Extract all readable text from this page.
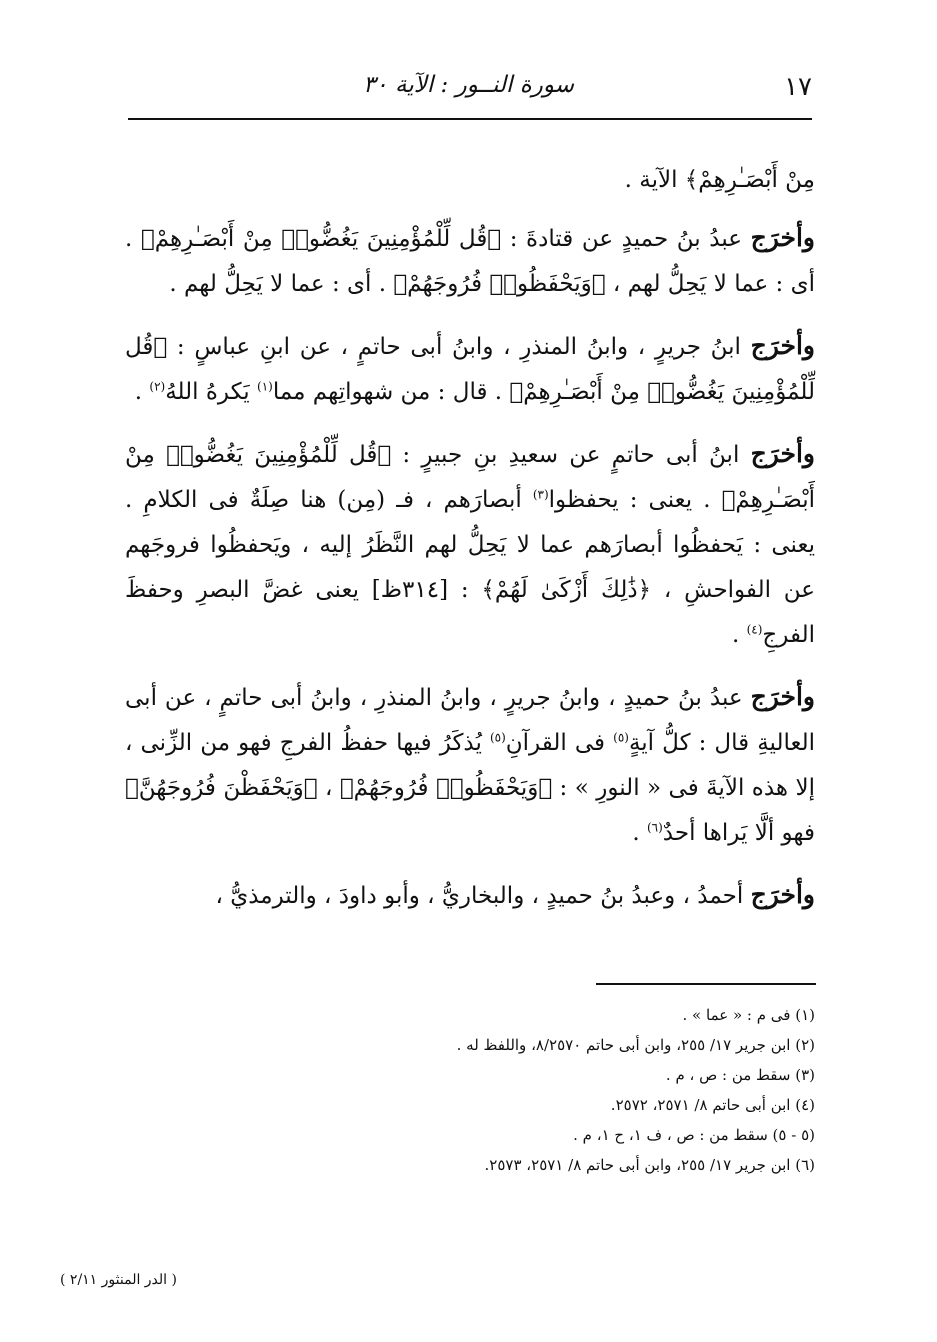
١٧
سورة النــور : الآية ٣٠

مِنْ أَبْصَـٰرِهِمْ﴾ الآية .

وأخرَج عبدُ بنُ حميدٍ عن قتادةَ : ﴿قُل لِّلْمُؤْمِنِينَ يَغُضُّوا۟ مِنْ أَبْصَـٰرِهِمْ﴾ . أى : عما لا يَحِلُّ لهم ، ﴿وَيَحْفَظُوا۟ فُرُوجَهُمْ﴾ . أى : عما لا يَحِلُّ لهم .

وأخرَج ابنُ جريرٍ ، وابنُ المنذرِ ، وابنُ أبى حاتمٍ ، عن ابنِ عباسٍ : ﴿قُل لِّلْمُؤْمِنِينَ يَغُضُّوا۟ مِنْ أَبْصَـٰرِهِمْ﴾ . قال : من شهواتِهم مما$^{(١)}$ يَكرهُ اللهُ$^{(٢)}$ .

وأخرَج ابنُ أبى حاتمٍ عن سعيدِ بنِ جبيرٍ : ﴿قُل لِّلْمُؤْمِنِينَ يَغُضُّوا۟ مِنْ أَبْصَـٰرِهِمْ﴾ . يعنى : يحفظوا$^{(٣)}$ أبصارَهم ، فـ (مِن) هنا صِلَةٌ فى الكلامِ . يعنى : يَحفظُوا أبصارَهم عما لا يَحِلُّ لهم النَّظَرُ إليه ، ويَحفظُوا فروجَهم عن الفواحشِ ، ﴿ذَٰلِكَ أَزْكَىٰ لَهُمْ﴾ : [٣١٤ظ] يعنى غضَّ البصرِ وحفظَ الفرجِ$^{(٤)}$ .

وأخرَج عبدُ بنُ حميدٍ ، وابنُ جريرٍ ، وابنُ المنذرِ ، وابنُ أبى حاتمٍ ، عن أبى العاليةِ قال : كلُّ آيةٍ$^{(٥)}$ فى القرآنِ$^{(٥)}$ يُذكَرُ فيها حفظُ الفرجِ فهو من الزِّنى ، إلا هذه الآيةَ فى « النورِ » : ﴿وَيَحْفَظُوا۟ فُرُوجَهُمْ﴾ ، ﴿وَيَحْفَظْنَ فُرُوجَهُنَّ﴾ فهو ألَّا يَراها أحدٌ$^{(٦)}$ .

وأخرَج أحمدُ ، وعبدُ بنُ حميدٍ ، والبخاريُّ ، وأبو داودَ ، والترمذيُّ ،

(١) فى م : « عما » .
(٢) ابن جرير ١٧/ ٢٥٥، وابن أبى حاتم ٨/٢٥٧٠، واللفظ له .
(٣) سقط من : ص ، م .
(٤) ابن أبى حاتم ٨/ ٢٥٧١، ٢٥٧٢.
(٥ - ٥) سقط من : ص ، ف ١، ح ١، م .
(٦) ابن جرير ١٧/ ٢٥٥، وابن أبى حاتم ٨/ ٢٥٧١، ٢٥٧٣.
( الدر المنثور ٢/١١ )
